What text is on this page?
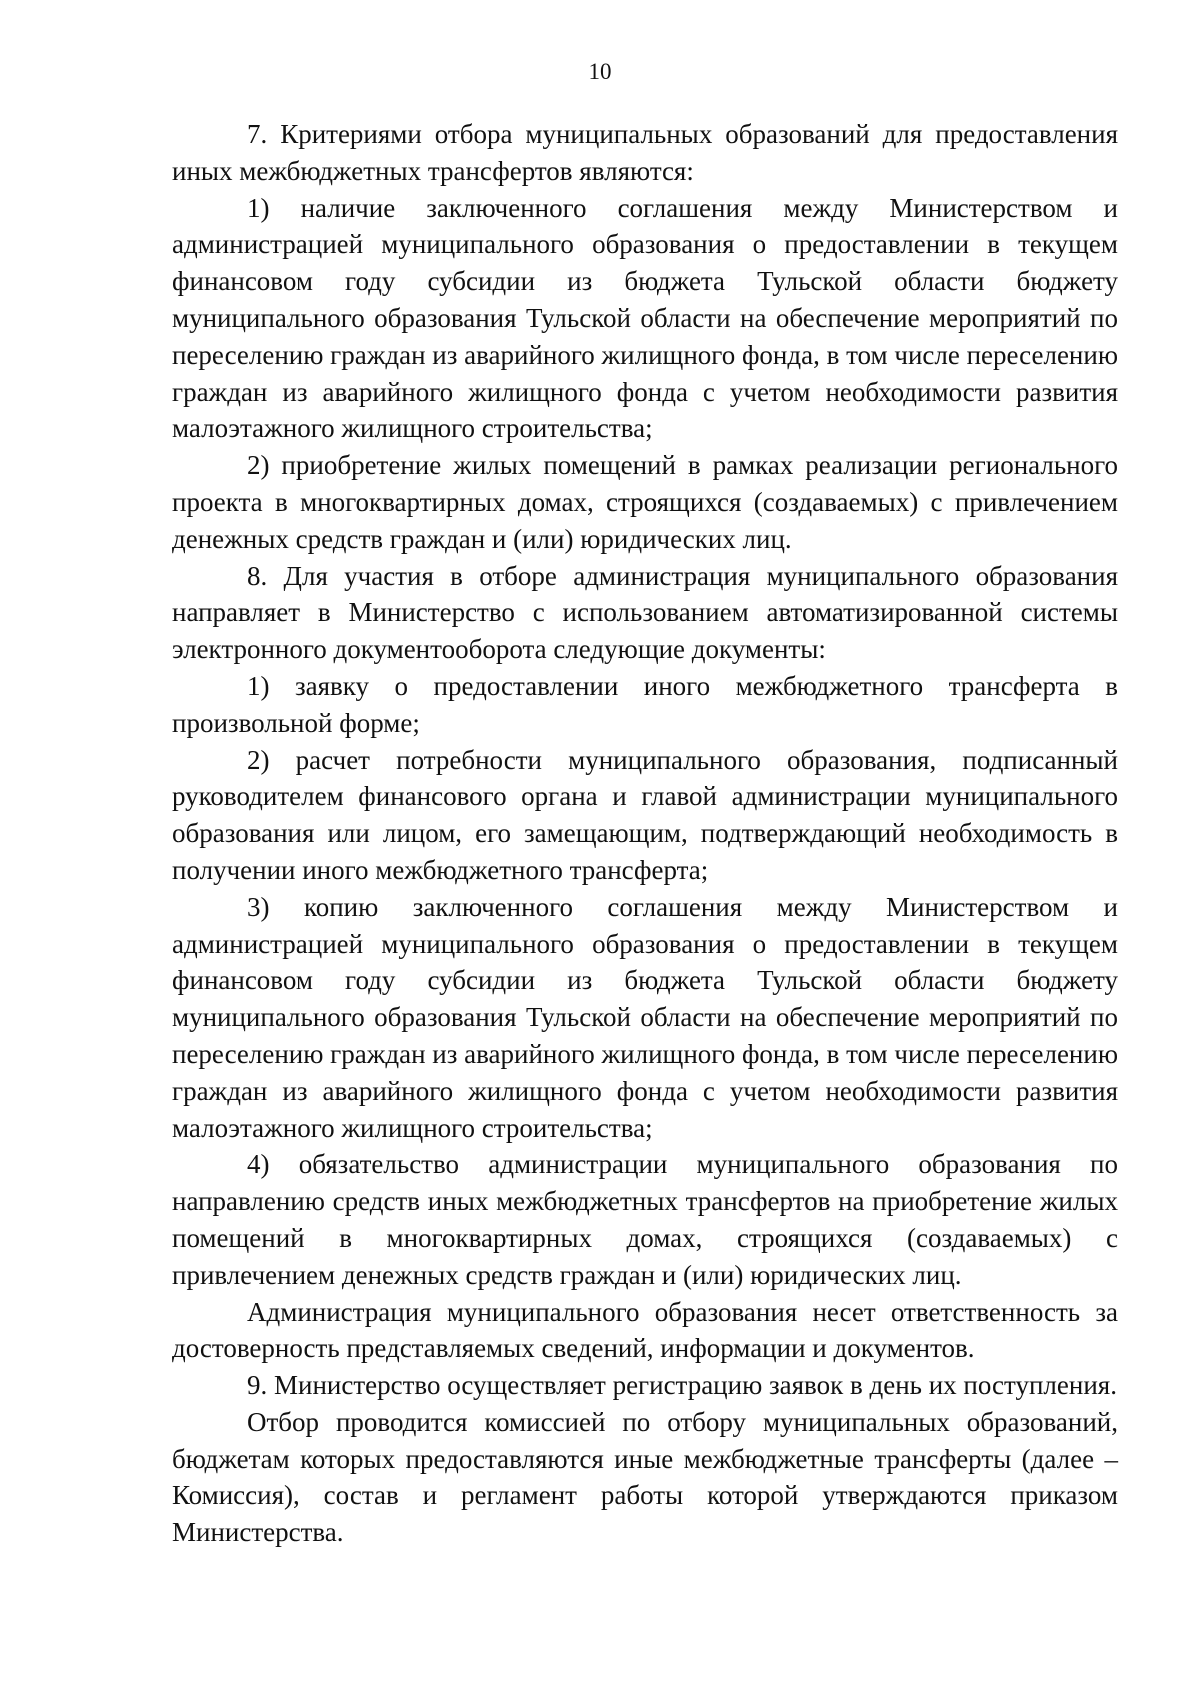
10

7. Критериями отбора муниципальных образований для предоставления иных межбюджетных трансфертов являются:

1) наличие заключенного соглашения между Министерством и администрацией муниципального образования о предоставлении в текущем финансовом году субсидии из бюджета Тульской области бюджету муниципального образования Тульской области на обеспечение мероприятий по переселению граждан из аварийного жилищного фонда, в том числе переселению граждан из аварийного жилищного фонда с учетом необходимости развития малоэтажного жилищного строительства;

2) приобретение жилых помещений в рамках реализации регионального проекта в многоквартирных домах, строящихся (создаваемых) с привлечением денежных средств граждан и (или) юридических лиц.

8. Для участия в отборе администрация муниципального образования направляет в Министерство с использованием автоматизированной системы электронного документооборота следующие документы:

1) заявку о предоставлении иного межбюджетного трансферта в произвольной форме;

2) расчет потребности муниципального образования, подписанный руководителем финансового органа и главой администрации муниципального образования или лицом, его замещающим, подтверждающий необходимость в получении иного межбюджетного трансферта;

3) копию заключенного соглашения между Министерством и администрацией муниципального образования о предоставлении в текущем финансовом году субсидии из бюджета Тульской области бюджету муниципального образования Тульской области на обеспечение мероприятий по переселению граждан из аварийного жилищного фонда, в том числе переселению граждан из аварийного жилищного фонда с учетом необходимости развития малоэтажного жилищного строительства;

4) обязательство администрации муниципального образования по направлению средств иных межбюджетных трансфертов на приобретение жилых помещений в многоквартирных домах, строящихся (создаваемых) с привлечением денежных средств граждан и (или) юридических лиц.

Администрация муниципального образования несет ответственность за достоверность представляемых сведений, информации и документов.

9. Министерство осуществляет регистрацию заявок в день их поступления.

Отбор проводится комиссией по отбору муниципальных образований, бюджетам которых предоставляются иные межбюджетные трансферты (далее – Комиссия), состав и регламент работы которой утверждаются приказом Министерства.
